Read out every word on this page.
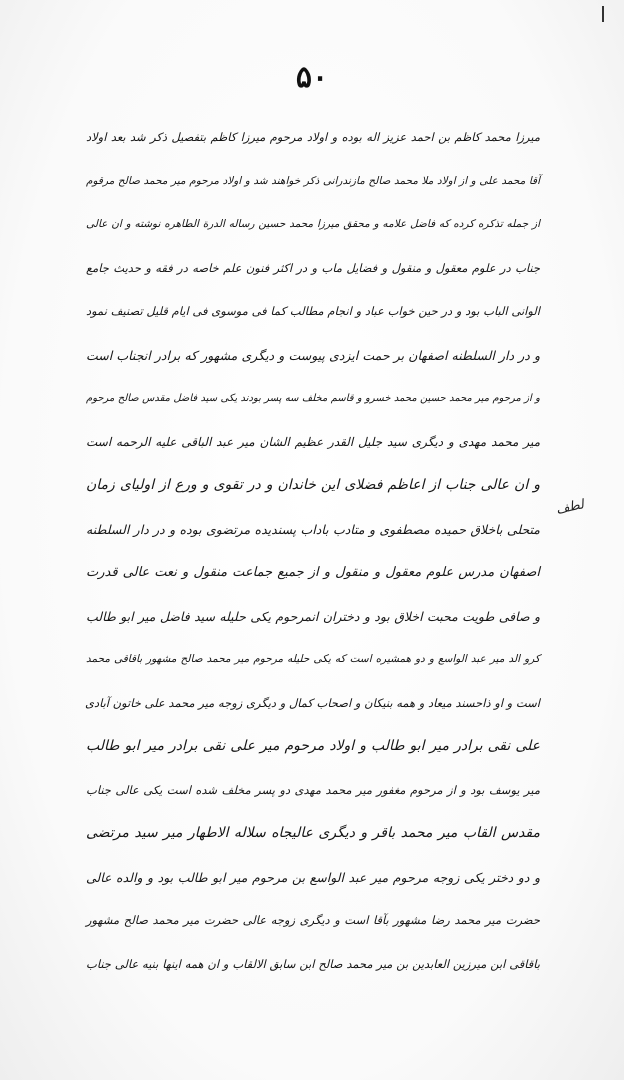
۵۰
لطف
میرزا محمد کاظم بن احمد عزیز اله بوده و اولاد مرحوم میرزا کاظم بتفصیل ذکر شد بعد اولاد
آقا محمد علی و از اولاد ملا محمد صالح مازندرانی ذکر خواهند شد و اولاد مرحوم میر محمد صالح مرقوم
از جمله تذکره کرده که فاضل علامه و محقق میرزا محمد حسین رساله الدرة الطاهره نوشته و ان عالی
جناب در علوم معقول و منقول و فضایل ماب و در اکثر فنون علم خاصه در فقه و حدیث جامع
الوانی الباب بود و در حین خواب عباد و انجام مطالب کما فی موسوی فی ایام قلیل تصنیف نمود
و در دار السلطنه اصفهان بر حمت ایزدی پیوست و دیگری مشهور که برادر انجناب است
و از مرحوم میر محمد حسین محمد خسرو و قاسم مخلف سه پسر بودند یکی سید فاضل مقدس صالح مرحوم
میر محمد مهدی و دیگری سید جلیل القدر عظیم الشان میر عبد الباقی علیه الرحمه است
و ان عالی جناب از اعاظم فضلای این خاندان و در تقوی و ورع از اولیای زمان
متحلی باخلاق حمیده مصطفوی و متادب باداب پسندیده مرتضوی بوده و در دار السلطنه
اصفهان مدرس علوم معقول و منقول و از جمیع جماعت منقول و نعت عالی قدرت
و صافی طویت محبت اخلاق بود و دختران انمرحوم یکی حلیله سید فاضل میر ابو طالب
کرو الد میر عبد الواسع و دو همشیره است که یکی حلیله مرحوم میر محمد صالح مشهور باقاقی محمد
است و او ذاحسند میعاد و همه بنیکان و اصحاب کمال و دیگری زوجه میر محمد علی خاتون آبادی
علی نقی برادر میر ابو طالب و اولاد مرحوم میر علی نقی برادر میر ابو طالب
میر یوسف بود و از مرحوم مغفور میر محمد مهدی دو پسر مخلف شده است یکی عالی جناب
مقدس القاب میر محمد باقر و دیگری عالیجاه سلاله الاطهار میر سید مرتضی
و دو دختر یکی زوجه مرحوم میر عبد الواسع بن مرحوم میر ابو طالب بود و والده عالی
حضرت میر محمد رضا مشهور بآقا است و دیگری زوجه عالی حضرت میر محمد صالح مشهور
باقاقی ابن میرزین العابدین بن میر محمد صالح ابن سابق الالقاب و ان همه اینها بنیه عالی جناب
